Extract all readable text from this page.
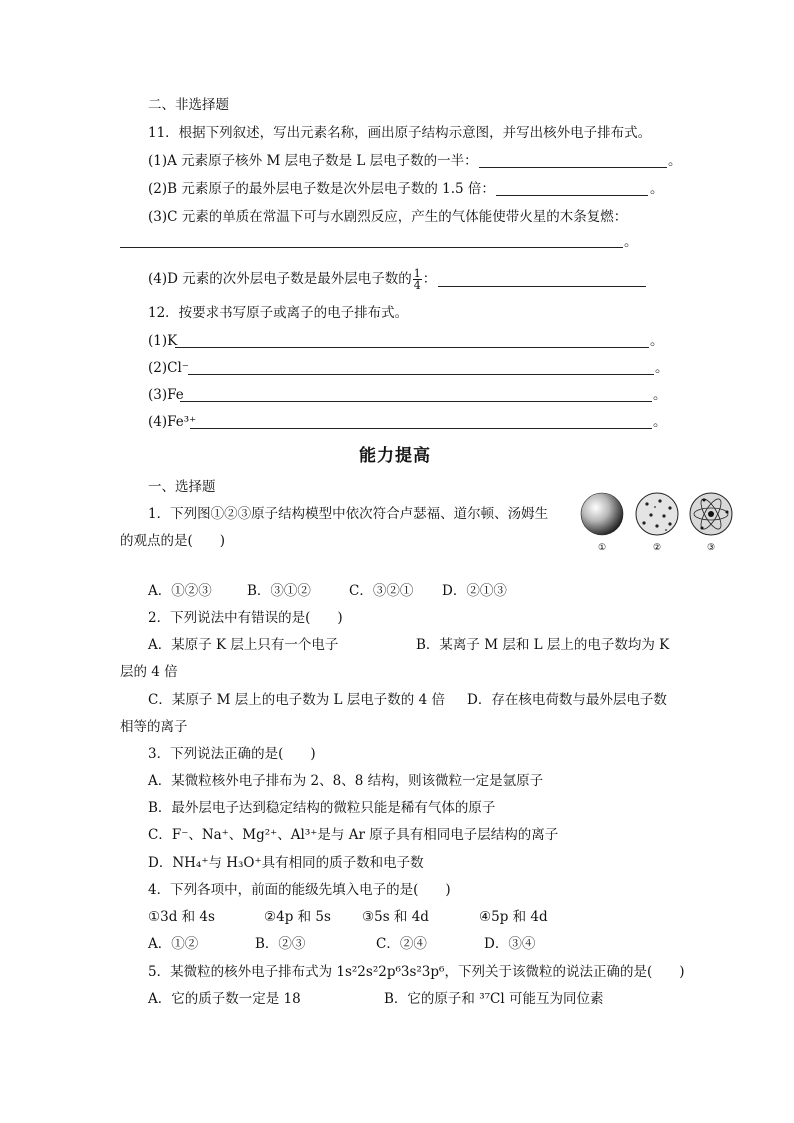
二、非选择题
11．根据下列叙述，写出元素名称，画出原子结构示意图，并写出核外电子排布式。
(1)A 元素原子核外 M 层电子数是 L 层电子数的一半：	。
(2)B 元素原子的最外层电子数是次外层电子数的 1.5 倍：	。
(3)C 元素的单质在常温下可与水剧烈反应，产生的气体能使带火星的木条复燃：
。
(4)D 元素的次外层电子数是最外层电子数的 $\frac{1}{4}$ ：
12．按要求书写原子或离子的电子排布式。
(1)K	。
(2)Cl⁻	。
(3)Fe	。
(4)Fe³⁺	。
能力提高
一、选择题
1．下列图①②③原子结构模型中依次符合卢瑟福、道尔顿、汤姆生
的观点的是(　　)	①	②	③
A．①②③	B．③①②	C．③②① D．②①③
2．下列说法中有错误的是(　　)
A．某原子 K 层上只有一个电子	B．某离子 M 层和 L 层上的电子数均为 K
层的 4 倍
C．某原子 M 层上的电子数为 L 层电子数的 4 倍 D．存在核电荷数与最外层电子数
相等的离子
3．下列说法正确的是(　　)
A．某微粒核外电子排布为 2、8、8 结构，则该微粒一定是氩原子
B．最外层电子达到稳定结构的微粒只能是稀有气体的原子
C．F⁻、Na⁺、Mg²⁺、Al³⁺是与 Ar 原子具有相同电子层结构的离子
D．NH₄⁺与 H₃O⁺具有相同的质子数和电子数
4．下列各项中，前面的能级先填入电子的是(　　)
①3d 和 4s	②4p 和 5s ③5s 和 4d	④5p 和 4d
A．①②	B．②③	C．②④	D．③④
5．某微粒的核外电子排布式为 1s²2s²2p⁶3s²3p⁶，下列关于该微粒的说法正确的是(　　)
A．它的质子数一定是 18	B．它的原子和 ³⁷Cl 可能互为同位素
